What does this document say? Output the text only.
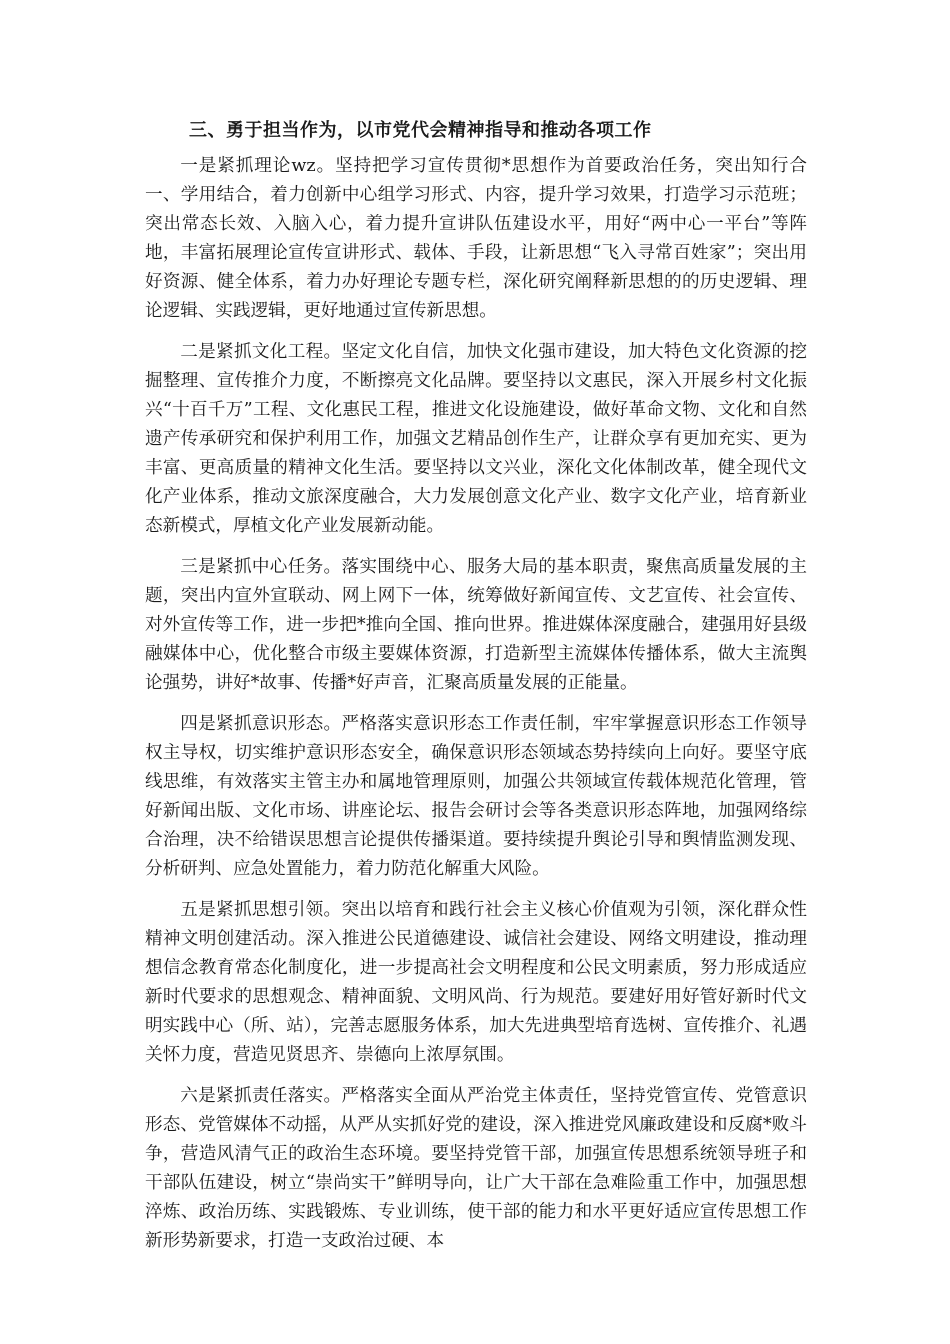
三、勇于担当作为，以市党代会精神指导和推动各项工作

一是紧抓理论wz。坚持把学习宣传贯彻*思想作为首要政治任务，突出知行合一、学用结合，着力创新中心组学习形式、内容，提升学习效果，打造学习示范班；突出常态长效、入脑入心，着力提升宣讲队伍建设水平，用好“两中心一平台”等阵地，丰富拓展理论宣传宣讲形式、载体、手段，让新思想“飞入寻常百姓家”；突出用好资源、健全体系，着力办好理论专题专栏，深化研究阐释新思想的的历史逻辑、理论逻辑、实践逻辑，更好地通过宣传新思想。

二是紧抓文化工程。坚定文化自信，加快文化强市建设，加大特色文化资源的挖掘整理、宣传推介力度，不断擦亮文化品牌。要坚持以文惠民，深入开展乡村文化振兴“十百千万”工程、文化惠民工程，推进文化设施建设，做好革命文物、文化和自然遗产传承研究和保护利用工作，加强文艺精品创作生产，让群众享有更加充实、更为丰富、更高质量的精神文化生活。要坚持以文兴业，深化文化体制改革，健全现代文化产业体系，推动文旅深度融合，大力发展创意文化产业、数字文化产业，培育新业态新模式，厚植文化产业发展新动能。

三是紧抓中心任务。落实围绕中心、服务大局的基本职责，聚焦高质量发展的主题，突出内宣外宣联动、网上网下一体，统筹做好新闻宣传、文艺宣传、社会宣传、对外宣传等工作，进一步把*推向全国、推向世界。推进媒体深度融合，建强用好县级融媒体中心，优化整合市级主要媒体资源，打造新型主流媒体传播体系，做大主流舆论强势，讲好*故事、传播*好声音，汇聚高质量发展的正能量。

四是紧抓意识形态。严格落实意识形态工作责任制，牢牢掌握意识形态工作领导权主导权，切实维护意识形态安全，确保意识形态领域态势持续向上向好。要坚守底线思维，有效落实主管主办和属地管理原则，加强公共领域宣传载体规范化管理，管好新闻出版、文化市场、讲座论坛、报告会研讨会等各类意识形态阵地，加强网络综合治理，决不给错误思想言论提供传播渠道。要持续提升舆论引导和舆情监测发现、分析研判、应急处置能力，着力防范化解重大风险。

五是紧抓思想引领。突出以培育和践行社会主义核心价值观为引领，深化群众性精神文明创建活动。深入推进公民道德建设、诚信社会建设、网络文明建设，推动理想信念教育常态化制度化，进一步提高社会文明程度和公民文明素质，努力形成适应新时代要求的思想观念、精神面貌、文明风尚、行为规范。要建好用好管好新时代文明实践中心（所、站），完善志愿服务体系，加大先进典型培育选树、宣传推介、礼遇关怀力度，营造见贤思齐、崇德向上浓厚氛围。

六是紧抓责任落实。严格落实全面从严治党主体责任，坚持党管宣传、党管意识形态、党管媒体不动摇，从严从实抓好党的建设，深入推进党风廉政建设和反腐*败斗争，营造风清气正的政治生态环境。要坚持党管干部，加强宣传思想系统领导班子和干部队伍建设，树立“崇尚实干”鲜明导向，让广大干部在急难险重工作中，加强思想淬炼、政治历练、实践锻炼、专业训练，使干部的能力和水平更好适应宣传思想工作新形势新要求，打造一支政治过硬、本
